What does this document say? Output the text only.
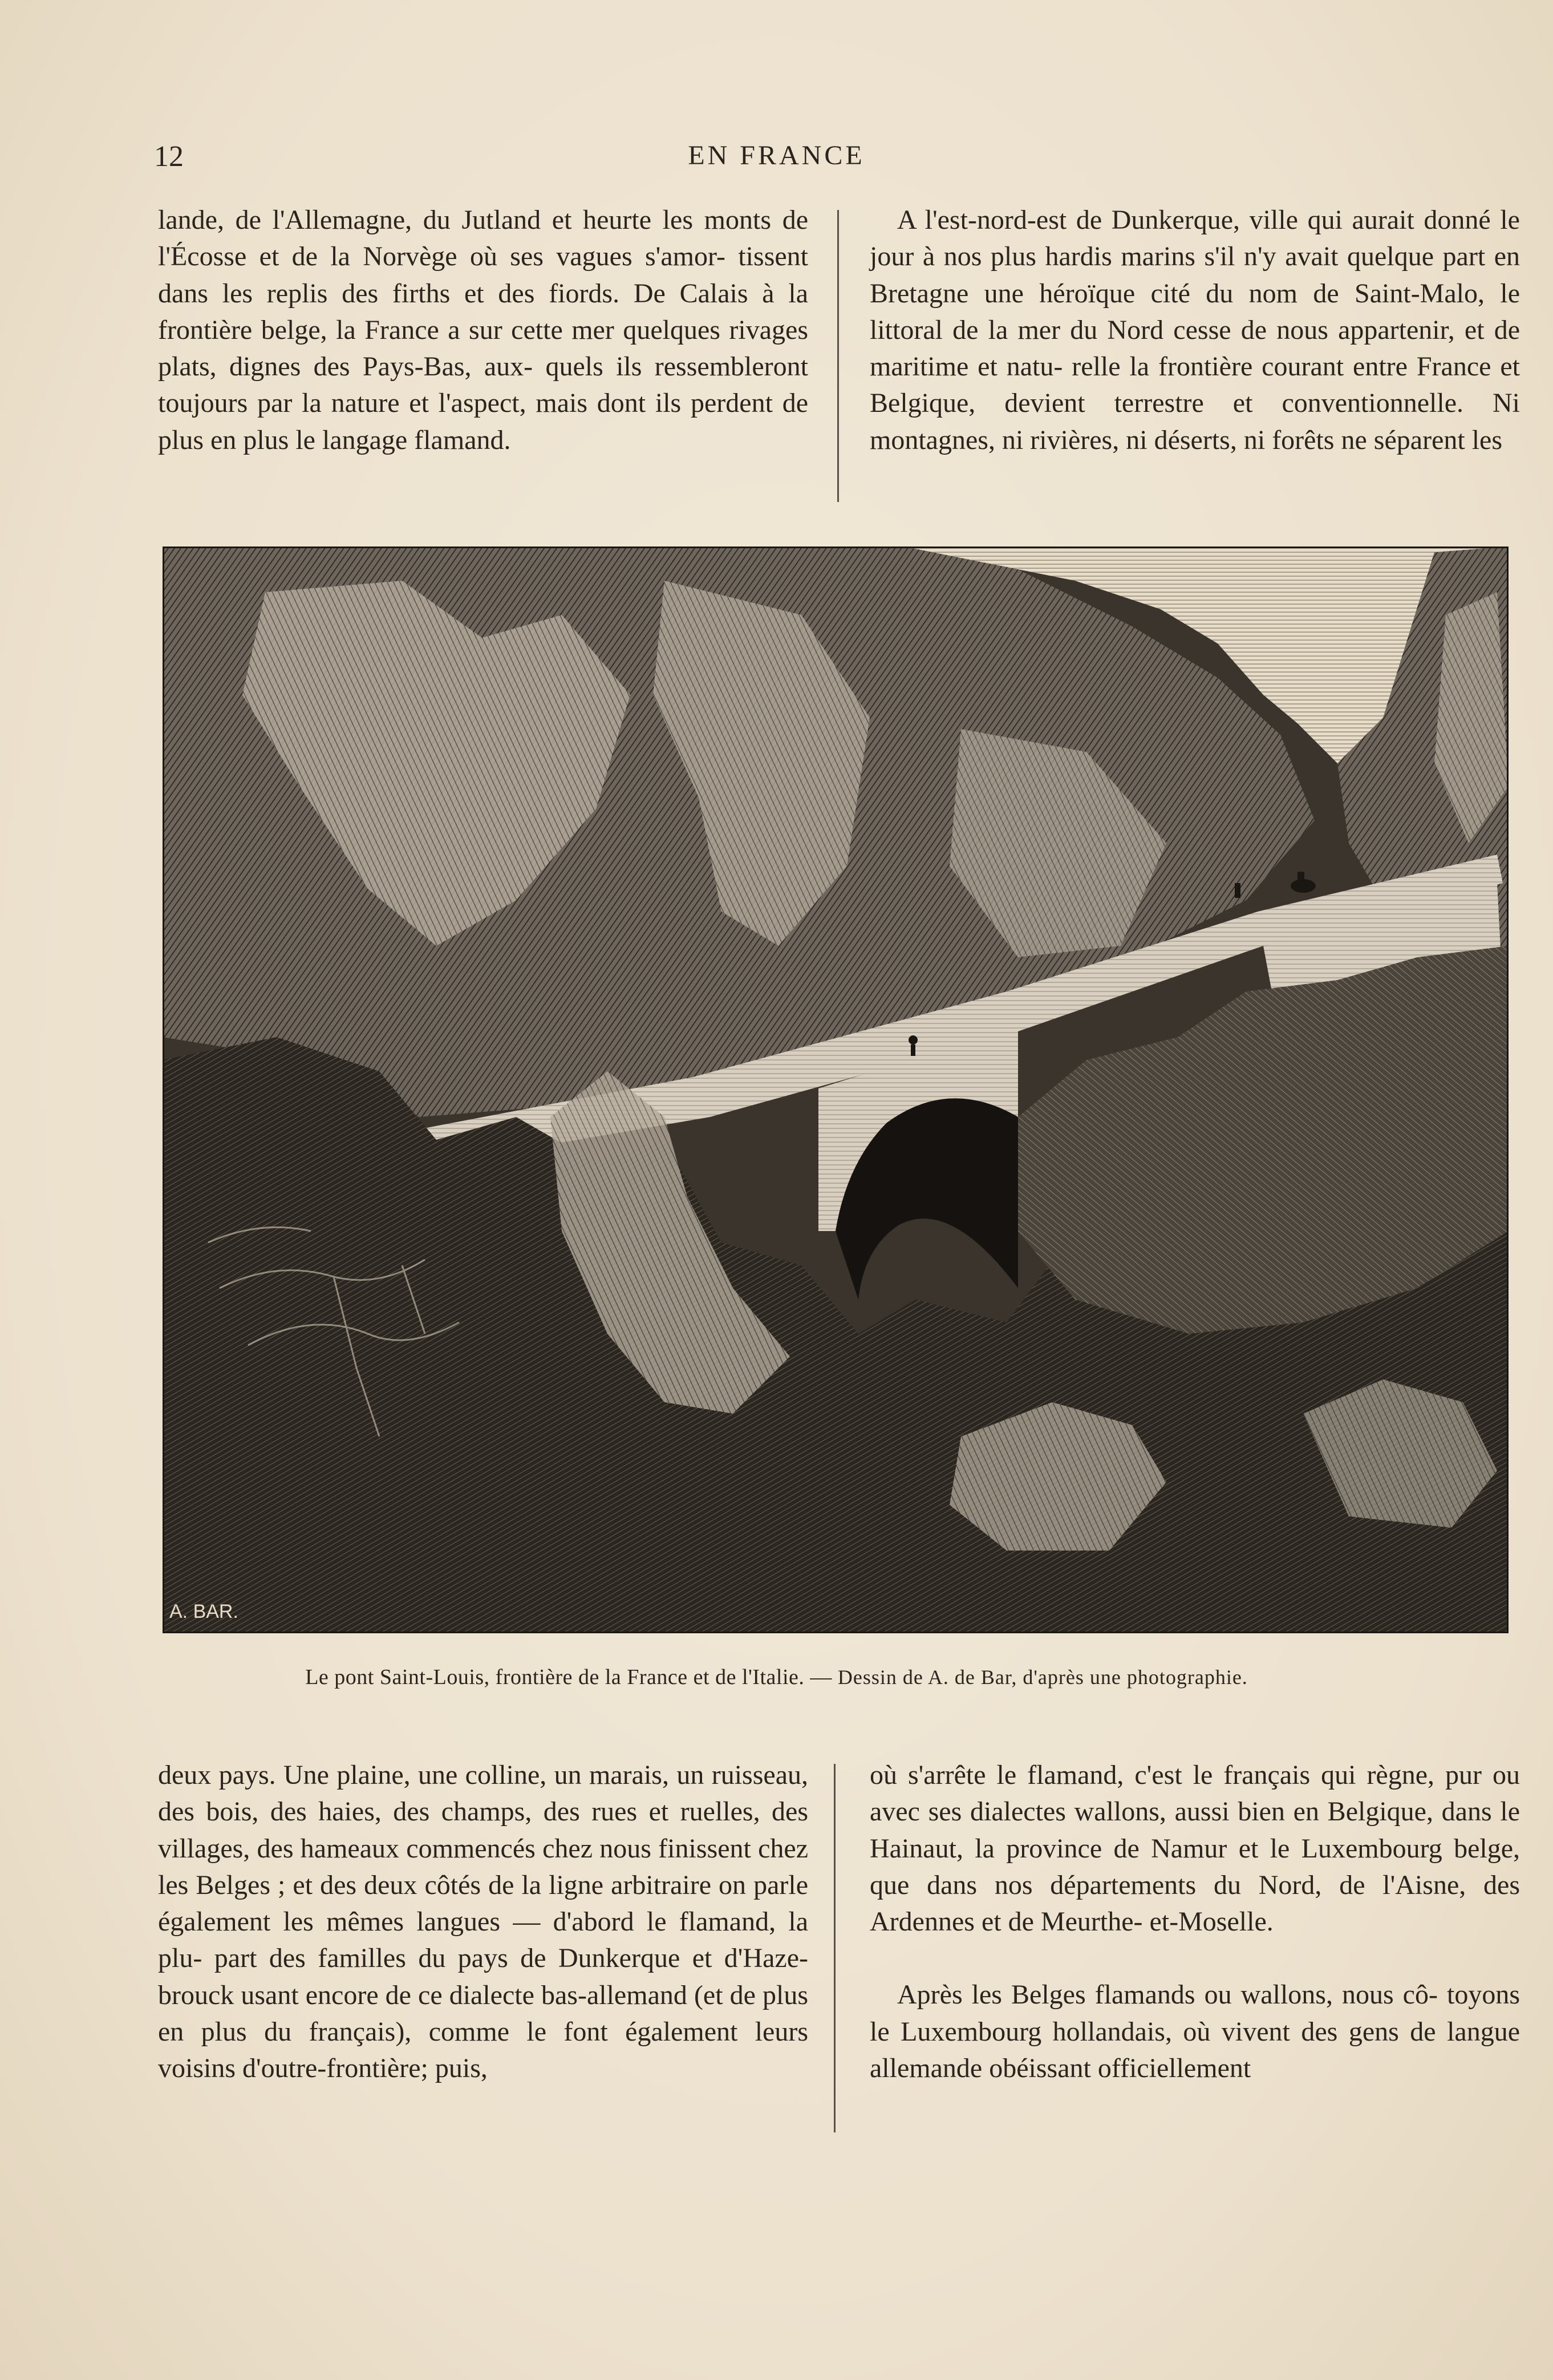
12	EN FRANCE

lande, de l'Allemagne, du Jutland et heurte les monts de l'Écosse et de la Norvège où ses vagues s'amor- tissent dans les replis des firths et des fiords. De Calais à la frontière belge, la France a sur cette mer quelques rivages plats, dignes des Pays-Bas, aux- quels ils ressembleront toujours par la nature et l'aspect, mais dont ils perdent de plus en plus le langage flamand.

A l'est-nord-est de Dunkerque, ville qui aurait donné le jour à nos plus hardis marins s'il n'y avait quelque part en Bretagne une héroïque cité du nom de Saint-Malo, le littoral de la mer du Nord cesse de nous appartenir, et de maritime et natu- relle la frontière courant entre France et Belgique, devient terrestre et conventionnelle. Ni montagnes, ni rivières, ni déserts, ni forêts ne séparent les

A. BAR.
Le pont Saint-Louis, frontière de la France et de l'Italie. — Dessin de A. de Bar, d'après une photographie.

deux pays. Une plaine, une colline, un marais, un ruisseau, des bois, des haies, des champs, des rues et ruelles, des villages, des hameaux commencés chez nous finissent chez les Belges ; et des deux côtés de la ligne arbitraire on parle également les mêmes langues — d'abord le flamand, la plu- part des familles du pays de Dunkerque et d'Haze- brouck usant encore de ce dialecte bas-allemand (et de plus en plus du français), comme le font également leurs voisins d'outre-frontière; puis,

où s'arrête le flamand, c'est le français qui règne, pur ou avec ses dialectes wallons, aussi bien en Belgique, dans le Hainaut, la province de Namur et le Luxembourg belge, que dans nos départements du Nord, de l'Aisne, des Ardennes et de Meurthe- et-Moselle.

Après les Belges flamands ou wallons, nous cô- toyons le Luxembourg hollandais, où vivent des gens de langue allemande obéissant officiellement
